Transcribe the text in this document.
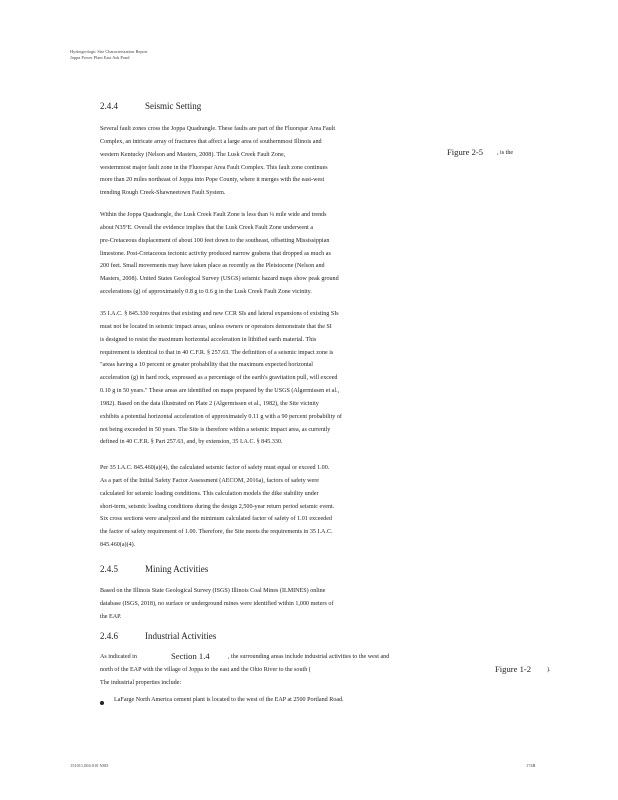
Hydrogeologic Site Characterization Report
Joppa Power Plant East Ash Pond
2.4.4	Seismic Setting
Several fault zones cross the Joppa Quadrangle. These faults are part of the Fluorspar Area Fault
Complex, an intricate array of fractures that affect a large area of southernmost Illinois and
western Kentucky (Nelson and Masters, 2008). The Lusk Creek Fault Zone,
westernmost major fault zone in the Fluorspar Area Fault Complex. This fault zone continues
more than 20 miles northeast of Joppa into Pope County, where it merges with the east-west
trending Rough Creek-Shawneetown Fault System.
Figure 2-5 , is the
Within the Joppa Quadrangle, the Lusk Creek Fault Zone is less than ¼ mile wide and trends
about N35ºE. Overall the evidence implies that the Lusk Creek Fault Zone underwent a
pre-Cretaceous displacement of about 100 feet down to the southeast, offsetting Mississippian
limestone. Post-Cretaceous tectonic activity produced narrow grabens that dropped as much as
200 feet. Small movements may have taken place as recently as the Pleistocene (Nelson and
Masters, 2008). United States Geological Survey (USGS) seismic hazard maps show peak ground
accelerations (g) of approximately 0.8 g to 0.6 g in the Lusk Creek Fault Zone vicinity.
35 I.A.C. § 845.330 requires that existing and new CCR SIs and lateral expansions of existing SIs
must not be located in seismic impact areas, unless owners or operators demonstrate that the SI
is designed to resist the maximum horizontal acceleration in lithified earth material. This
requirement is identical to that in 40 C.F.R. § 257.63. The definition of a seismic impact zone is
"areas having a 10 percent or greater probability that the maximum expected horizontal
acceleration (g) in hard rock, expressed as a percentage of the earth's gravitation pull, will exceed
0.10 g in 50 years." These areas are identified on maps prepared by the USGS (Algermissen et al.,
1982). Based on the data illustrated on Plate 2 (Algermissen et al., 1982), the Site vicinity
exhibits a potential horizontal acceleration of approximately 0.11 g with a 90 percent probability of
not being exceeded in 50 years. The Site is therefore within a seismic impact area, as currently
defined in 40 C.F.R. § Part 257.63, and, by extension, 35 I.A.C. § 845.330.
Per 35 I.A.C. 845.460(a)(4), the calculated seismic factor of safety must equal or exceed 1.00.
As a part of the Initial Safety Factor Assessment (AECOM, 2016a), factors of safety were
calculated for seismic loading conditions. This calculation models the dike stability under
short-term, seismic loading conditions during the design 2,500-year return period seismic event.
Six cross sections were analyzed and the minimum calculated factor of safety of 1.01 exceeded
the factor of safety requirement of 1.00. Therefore, the Site meets the requirements in 35 I.A.C.
845.460(a)(4).
2.4.5	Mining Activities
Based on the Illinois State Geological Survey (ISGS) Illinois Coal Mines (ILMINES) online
database (ISGS, 2018), no surface or underground mines were identified within 1,000 meters of
the EAP.
2.4.6	Industrial Activities
As indicated in	Section 1.4	, the surrounding areas include industrial activities to the west and
north of the EAP with the village of Joppa to the east and the Ohio River to the south (	Figure 1-2	).
The industrial properties include:
LaFarge North America cement plant is located to the west of the EAP at 2500 Portland Road.
151011.004.010 NSD	174R
